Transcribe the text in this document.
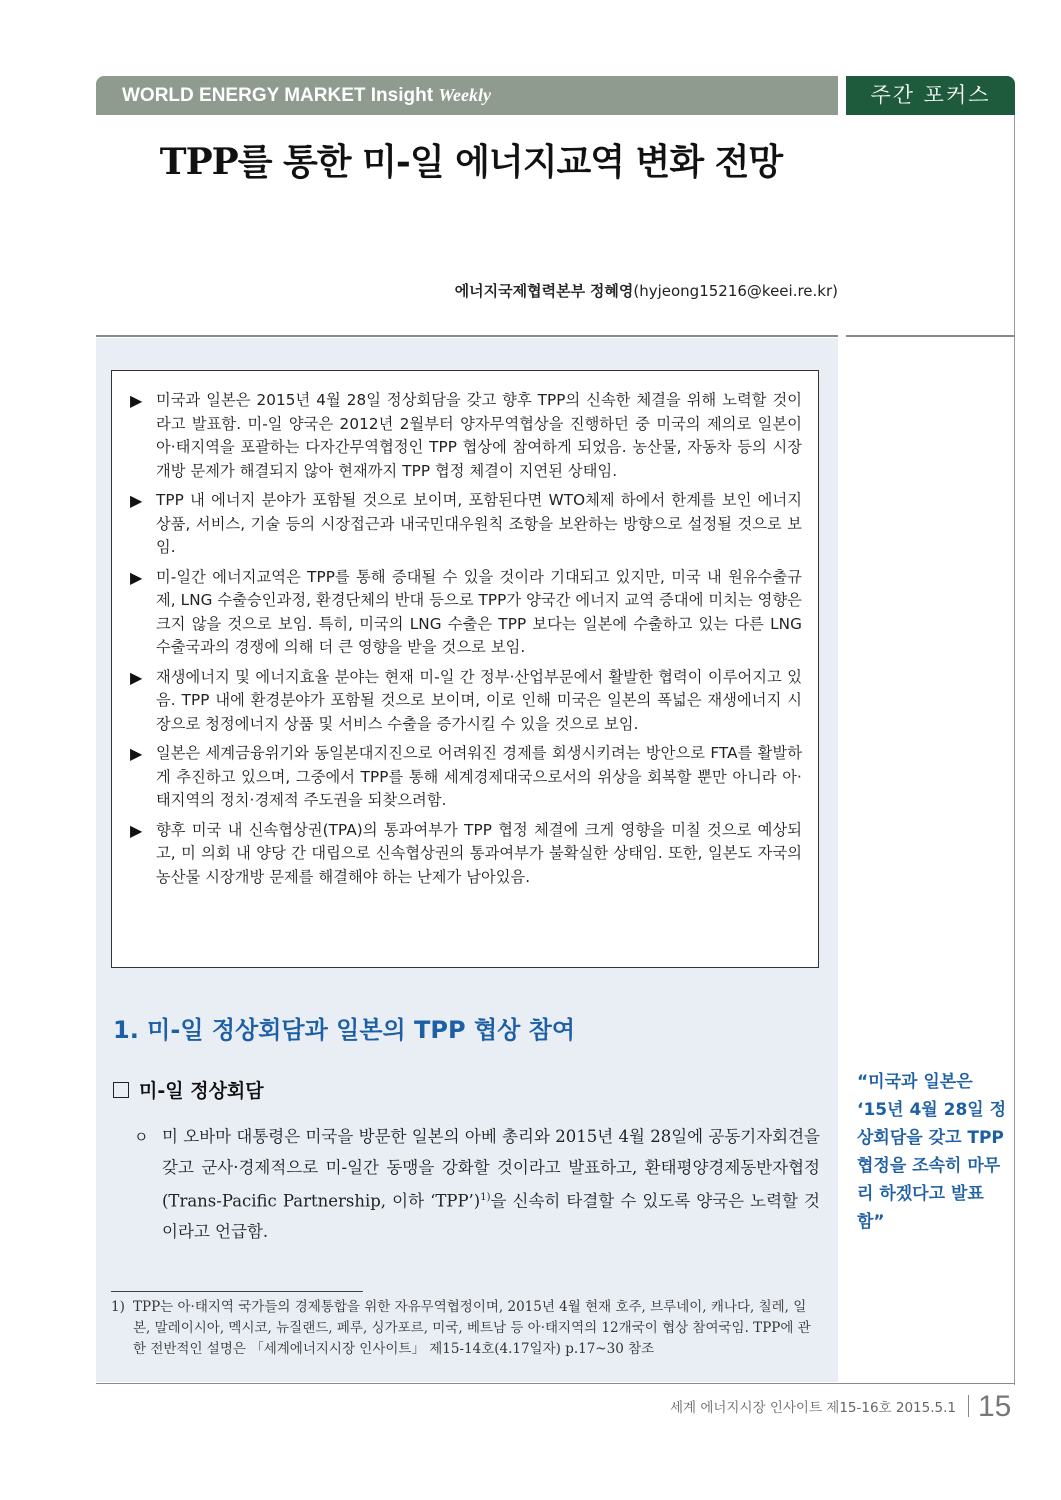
WORLD ENERGY MARKET Insight Weekly	주간 포커스
TPP를 통한 미-일 에너지교역 변화 전망
에너지국제협력본부 정혜영(hyjeong15216@keei.re.kr)
▶ 미국과 일본은 2015년 4월 28일 정상회담을 갖고 향후 TPP의 신속한 체결을 위해 노력할 것이라고 발표함. 미-일 양국은 2012년 2월부터 양자무역협상을 진행하던 중 미국의 제의로 일본이 아·태지역을 포괄하는 다자간무역협정인 TPP 협상에 참여하게 되었음. 농산물, 자동차 등의 시장개방 문제가 해결되지 않아 현재까지 TPP 협정 체결이 지연된 상태임.
▶ TPP 내 에너지 분야가 포함될 것으로 보이며, 포함된다면 WTO체제 하에서 한계를 보인 에너지 상품, 서비스, 기술 등의 시장접근과 내국민대우원칙 조항을 보완하는 방향으로 설정될 것으로 보임.
▶ 미-일간 에너지교역은 TPP를 통해 증대될 수 있을 것이라 기대되고 있지만, 미국 내 원유수출규제, LNG 수출승인과정, 환경단체의 반대 등으로 TPP가 양국간 에너지 교역 증대에 미치는 영향은 크지 않을 것으로 보임. 특히, 미국의 LNG 수출은 TPP 보다는 일본에 수출하고 있는 다른 LNG 수출국과의 경쟁에 의해 더 큰 영향을 받을 것으로 보임.
▶ 재생에너지 및 에너지효율 분야는 현재 미-일 간 정부·산업부문에서 활발한 협력이 이루어지고 있음. TPP 내에 환경분야가 포함될 것으로 보이며, 이로 인해 미국은 일본의 폭넓은 재생에너지 시장으로 청정에너지 상품 및 서비스 수출을 증가시킬 수 있을 것으로 보임.
▶ 일본은 세계금융위기와 동일본대지진으로 어려워진 경제를 회생시키려는 방안으로 FTA를 활발하게 추진하고 있으며, 그중에서 TPP를 통해 세계경제대국으로서의 위상을 회복할 뿐만 아니라 아·태지역의 정치·경제적 주도권을 되찾으려함.
▶ 향후 미국 내 신속협상권(TPA)의 통과여부가 TPP 협정 체결에 크게 영향을 미칠 것으로 예상되고, 미 의회 내 양당 간 대립으로 신속협상권의 통과여부가 불확실한 상태임. 또한, 일본도 자국의 농산물 시장개방 문제를 해결해야 하는 난제가 남아있음.
1. 미-일 정상회담과 일본의 TPP 협상 참여
미-일 정상회담
ㅇ 미 오바마 대통령은 미국을 방문한 일본의 아베 총리와 2015년 4월 28일에 공동기자회견을 갖고 군사·경제적으로 미-일간 동맹을 강화할 것이라고 발표하고, 환태평양경제동반자협정(Trans-Pacific Partnership, 이하 ‘TPP’)$^{1)}$을 신속히 타결할 수 있도록 양국은 노력할 것이라고 언급함.
1) TPP는 아·태지역 국가들의 경제통합을 위한 자유무역협정이며, 2015년 4월 현재 호주, 브루네이, 캐나다, 칠레, 일본, 말레이시아, 멕시코, 뉴질랜드, 페루, 싱가포르, 미국, 베트남 등 아·태지역의 12개국이 협상 참여국임. TPP에 관한 전반적인 설명은 「세계에너지시장 인사이트」 제15-14호(4.17일자) p.17~30 참조
“미국과 일본은 ‘15년 4월 28일 정상회담을 갖고 TPP협정을 조속히 마무리 하겠다고 발표함”
세계 에너지시장 인사이트 제15-16호 2015.5.1 15
